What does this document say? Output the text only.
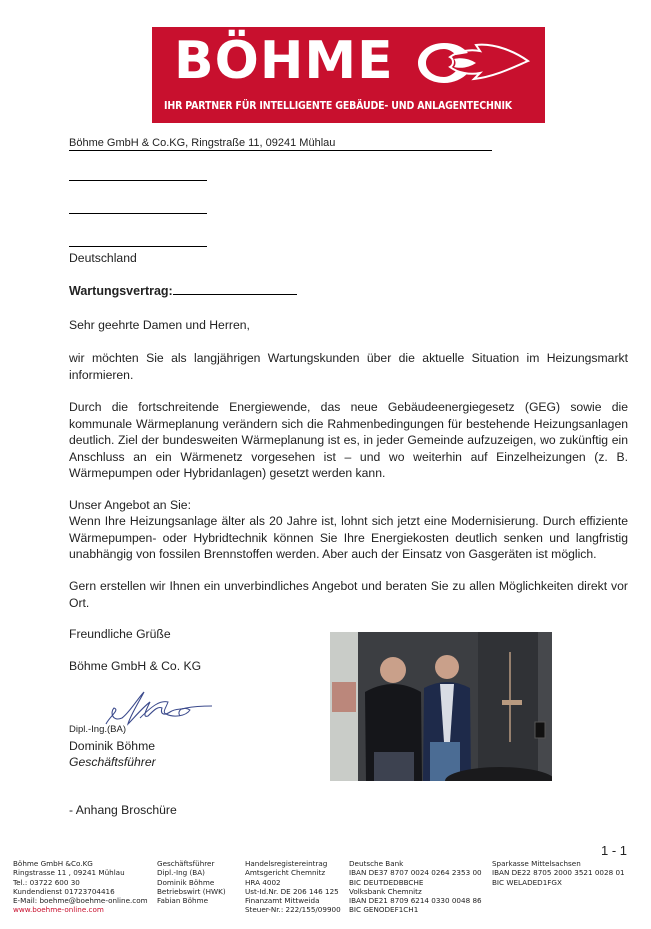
BÖHME
IHR PARTNER FÜR INTELLIGENTE GEBÄUDE- UND ANLAGENTECHNIK
Böhme GmbH & Co.KG, Ringstraße 11, 09241 Mühlau
Deutschland
Wartungsvertrag:
Sehr geehrte Damen und Herren,
wir möchten Sie als langjährigen Wartungskunden über die aktuelle Situation im Heizungsmarkt informieren.
Durch die fortschreitende Energiewende, das neue Gebäudeenergiegesetz (GEG) sowie die kommunale Wärmeplanung verändern sich die Rahmenbedingungen für bestehende Heizungsanlagen deutlich. Ziel der bundesweiten Wärmeplanung ist es, in jeder Gemeinde aufzuzeigen, wo zukünftig ein Anschluss an ein Wärmenetz vorgesehen ist – und wo weiterhin auf Einzelheizungen (z. B. Wärmepumpen oder Hybridanlagen) gesetzt werden kann.
Unser Angebot an Sie:
Wenn Ihre Heizungsanlage älter als 20 Jahre ist, lohnt sich jetzt eine Modernisierung. Durch effiziente Wärmepumpen- oder Hybridtechnik können Sie Ihre Energiekosten deutlich senken und langfristig unabhängig von fossilen Brennstoffen werden. Aber auch der Einsatz von Gasgeräten ist möglich.
Gern erstellen wir Ihnen ein unverbindliches Angebot und beraten Sie zu allen Möglichkeiten direkt vor Ort.
Freundliche Grüße
Böhme GmbH & Co. KG
Dipl.-Ing.(BA)
Dominik Böhme
Geschäftsführer
- Anhang Broschüre
1 - 1
Böhme GmbH &Co.KG
Ringstrasse 11 , 09241 Mühlau
Tel.: 03722 600 30
Kundendienst 01723704416
E-Mail: boehme@boehme-online.com
www.boehme-online.com
Geschäftsführer
Dipl.-Ing (BA)
Dominik Böhme
Betriebswirt (HWK)
Fabian Böhme
Handelsregistereintrag
Amtsgericht Chemnitz
HRA 4002
Ust-Id.Nr. DE 206 146 125
Finanzamt Mittweida
Steuer-Nr.: 222/155/09900
Deutsche Bank
IBAN DE37 8707 0024 0264 2353 00
BIC DEUTDEDBBCHE
Volksbank Chemnitz
IBAN DE21 8709 6214 0330 0048 86
BIC GENODEF1CH1
Sparkasse Mittelsachsen
IBAN DE22 8705 2000 3521 0028 01
BIC WELADED1FGX
